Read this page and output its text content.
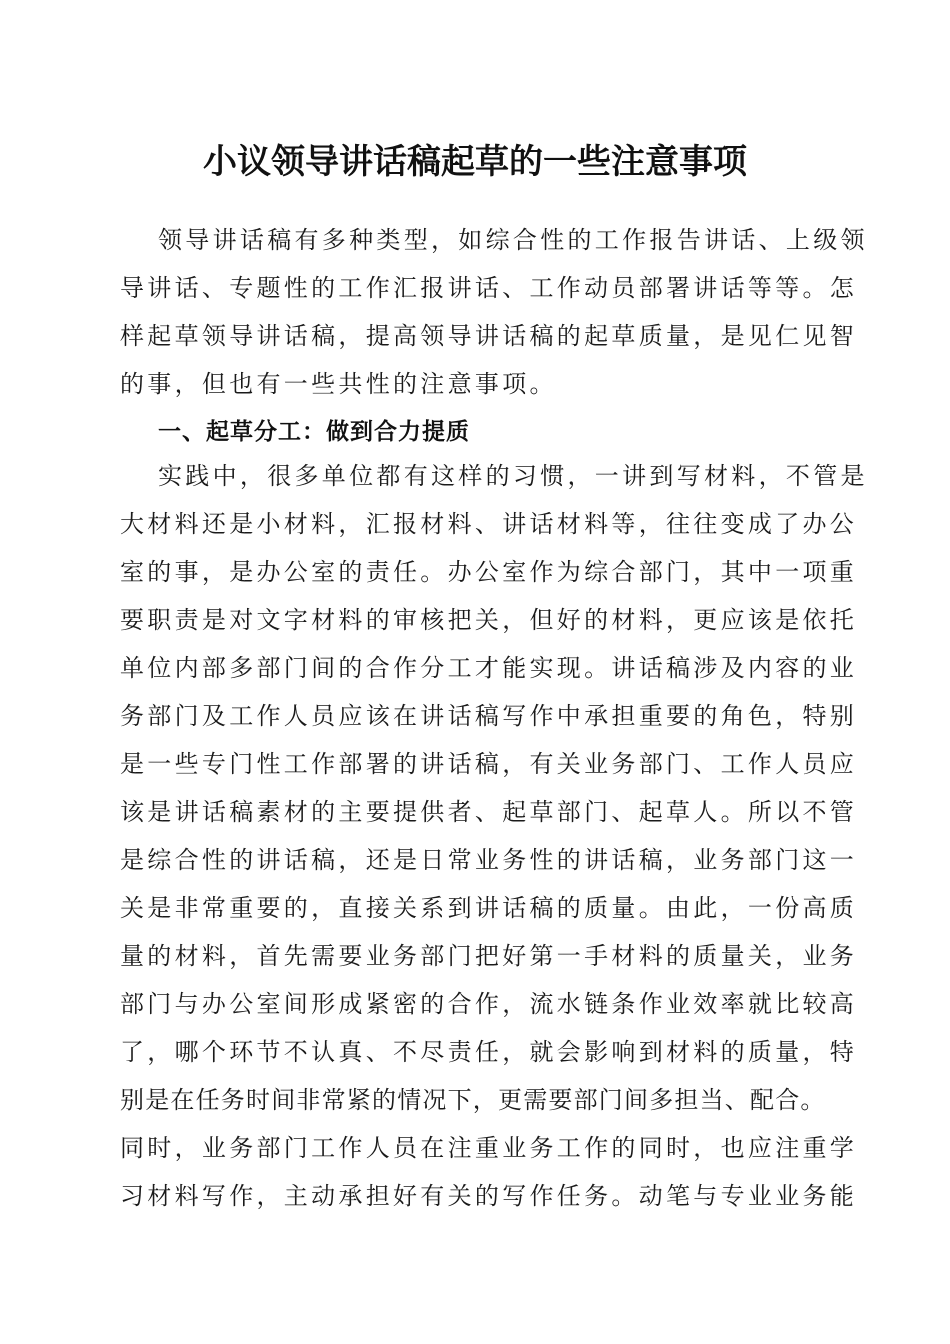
小议领导讲话稿起草的一些注意事项
领导讲话稿有多种类型，如综合性的工作报告讲话、上级领
导讲话、专题性的工作汇报讲话、工作动员部署讲话等等。怎
样起草领导讲话稿，提高领导讲话稿的起草质量，是见仁见智
的事，但也有一些共性的注意事项。
一、起草分工：做到合力提质
实践中，很多单位都有这样的习惯，一讲到写材料，不管是
大材料还是小材料，汇报材料、讲话材料等，往往变成了办公
室的事，是办公室的责任。办公室作为综合部门，其中一项重
要职责是对文字材料的审核把关，但好的材料，更应该是依托
单位内部多部门间的合作分工才能实现。讲话稿涉及内容的业
务部门及工作人员应该在讲话稿写作中承担重要的角色，特别
是一些专门性工作部署的讲话稿，有关业务部门、工作人员应
该是讲话稿素材的主要提供者、起草部门、起草人。所以不管
是综合性的讲话稿，还是日常业务性的讲话稿，业务部门这一
关是非常重要的，直接关系到讲话稿的质量。由此，一份高质
量的材料，首先需要业务部门把好第一手材料的质量关，业务
部门与办公室间形成紧密的合作，流水链条作业效率就比较高
了，哪个环节不认真、不尽责任，就会影响到材料的质量，特
别是在任务时间非常紧的情况下，更需要部门间多担当、配合。
同时，业务部门工作人员在注重业务工作的同时，也应注重学
习材料写作，主动承担好有关的写作任务。动笔与专业业务能
